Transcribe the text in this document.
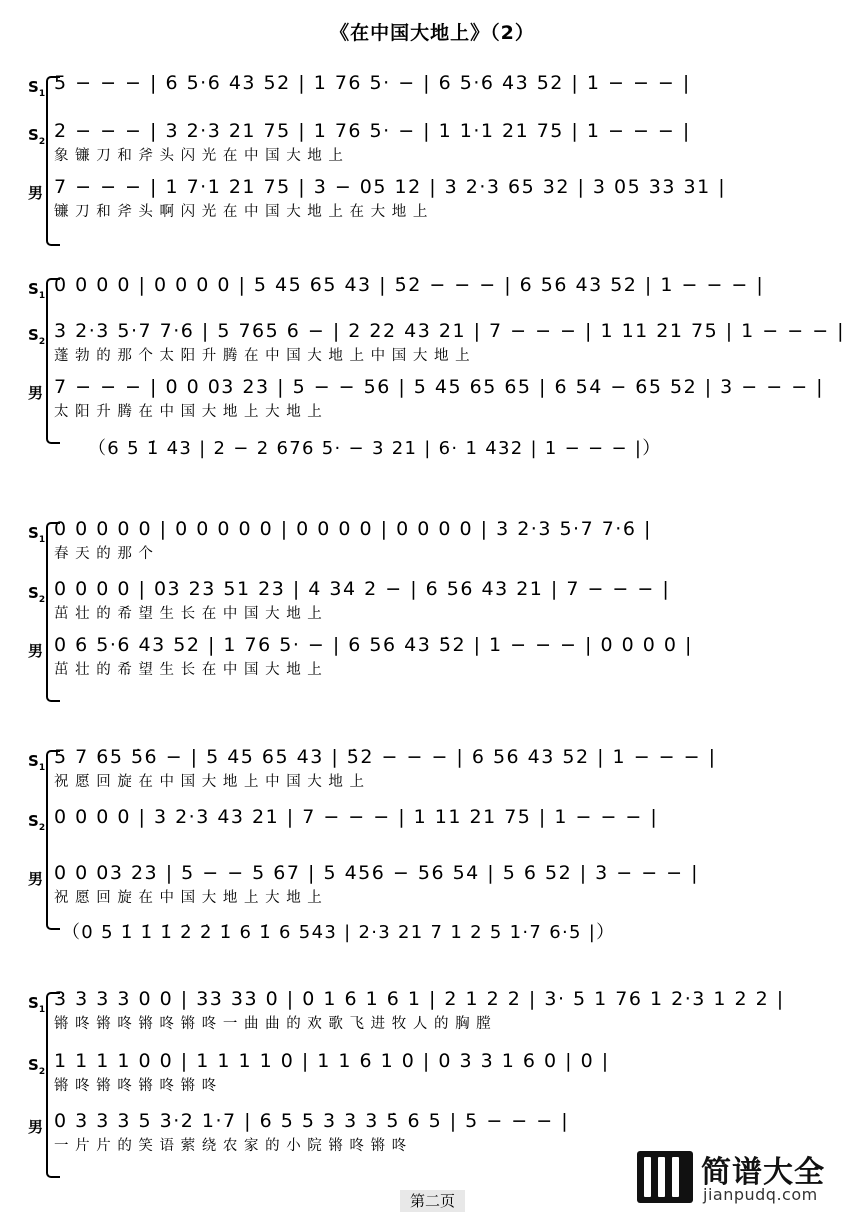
《在中国大地上》（2）
$S_1$ 5 − − − | 6 5·6 43 52 | 1 76 5· − | 6 5·6 43 52 | 1 − − − |
$S_2$ 2 − − − | 3 2·3 21 75 | 1 76 5· − | 1 1·1 21 75 | 1 − − − |
象 镰 刀 和 斧 头 闪 光 在 中 国 大 地 上
男 7 − − − | 1 7·1 21 75 | 3 − 05 12 | 3 2·3 65 32 | 3 05 33 31 |
镰 刀 和 斧 头 啊 闪 光 在 中 国 大 地 上 在 大 地 上
$S_1$ 0 0 0 0 | 0 0 0 0 | 5 45 65 43 | 5̇2 − − − | 6 56 43 52 | 1 − − − |
$S_2$ 3 2·3 5·7 7·6 | 5 765 6 − | 2 22 43 21 | 7 − − − | 1 11 21 75 | 1 − − − |
蓬 勃 的 那 个 太 阳 升 腾 在 中 国 大 地 上 中 国 大 地 上
男 7 − − − | 0 0 03 23 | 5 − − 56 | 5 45 65 65 | 6 54 − 65 52 | 3 − − − |
太 阳 升 腾 在 中 国 大 地 上 大 地 上
（6 5 1̇ 43 | 2 − 2 676 5· − 3 21 | 6· 1 432 | 1 − − − |）
$S_1$ 0 0 0 0 0 | 0 0 0 0 0 | 0 0 0 0 | 0 0 0 0 | 3 2·3 5·7 7·6 |
春 天 的 那 个
$S_2$ 0 0 0 0 | 03 23 51 23 | 4 34 2 − | 6 56 43 21 | 7 − − − |
茁 壮 的 希 望 生 长 在 中 国 大 地 上
男 0 6 5·6 43 52 | 1 76 5· − | 6 56 43 5̇2 | 1 − − − | 0 0 0 0 |
茁 壮 的 希 望 生 长 在 中 国 大 地 上
$S_1$ 5 7 65 5̇6 − | 5 45 65 43 | 5̇2 − − − | 6 56 43 52 | 1 − − − |
祝 愿 回 旋 在 中 国 大 地 上 中 国 大 地 上
$S_2$ 0 0 0 0 | 3 2·3 43 21 | 7 − − − | 1 11 21 75 | 1 − − − |
男 0 0 03 23 | 5 − − 5 67 | 5 456 − 56 54 | 5 6 52 | 3 − − − |
祝 愿 回 旋 在 中 国 大 地 上 大 地 上
（0 5 1̇ 1̇ 1̇ 2̇ 2̇ 1̇ 6 1̇ 6 543 | 2·3 21 7 1 2 5 1·7 6·5 |）
$S_1$ 3 3 3 3 0 0 | 33 33 0 | 0 1 6 1 6 1 | 2 1 2 2 | 3· 5 1 76 1 2·3 1 2 2 |
锵 咚 锵 咚 锵 咚 锵 咚 一 曲 曲 的 欢 歌 飞 进 牧 人 的 胸 膛
$S_2$ 1 1 1 1 0 0 | 1 1 1 1 0 | 1 1 6 1 0 | 0 3 3 1 6 0 | 0 |
锵 咚 锵 咚 锵 咚 锵 咚
男 0 3 3 3 5 3·2 1·7 | 6 5 5 3 3 3 5̇ 6 5 | 5 − − − |
一 片 片 的 笑 语 萦 绕 农 家 的 小 院 锵 咚 锵 咚
第二页
简谱大全
jianpudq.com
